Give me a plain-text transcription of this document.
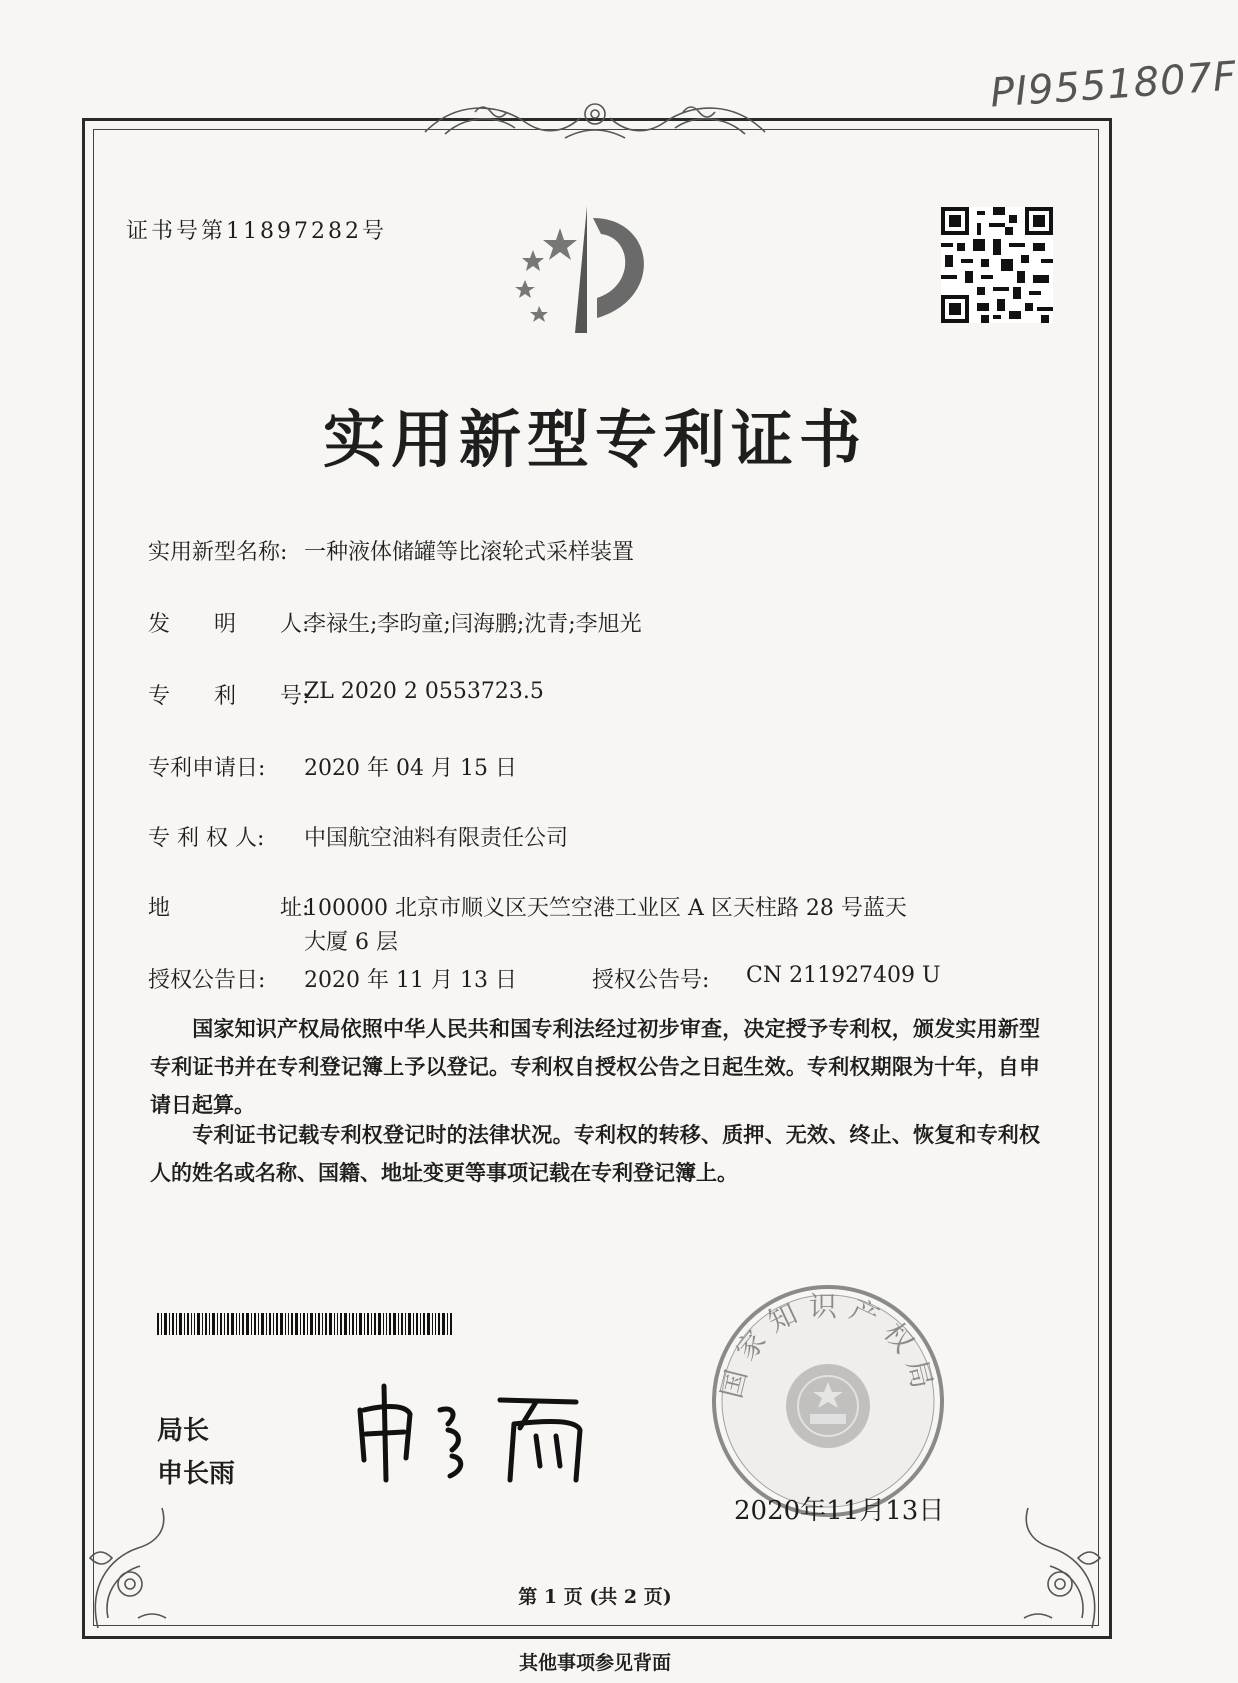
PI9551807F
证书号第11897282号
实用新型专利证书
实用新型名称: 一种液体储罐等比滚轮式采样装置
发　　明　　人:
李禄生;李昀童;闫海鹏;沈青;李旭光
专　　利　　号:
ZL 2020 2 0553723.5
专利申请日: 2020 年 04 月 15 日
专 利 权 人: 中国航空油料有限责任公司
地　　　　　址:
100000 北京市顺义区天竺空港工业区 A 区天柱路 28 号蓝天
大厦 6 层
授权公告日: 2020 年 11 月 13 日	授权公告号: CN 211927409 U
国家知识产权局依照中华人民共和国专利法经过初步审查，决定授予专利权，颁发实用新型专利证书并在专利登记簿上予以登记。专利权自授权公告之日起生效。专利权期限为十年，自申请日起算。
专利证书记载专利权登记时的法律状况。专利权的转移、质押、无效、终止、恢复和专利权人的姓名或名称、国籍、地址变更等事项记载在专利登记簿上。
局长
申长雨
国家知识产权局
2020年11月13日
第 1 页 (共 2 页)
其他事项参见背面
